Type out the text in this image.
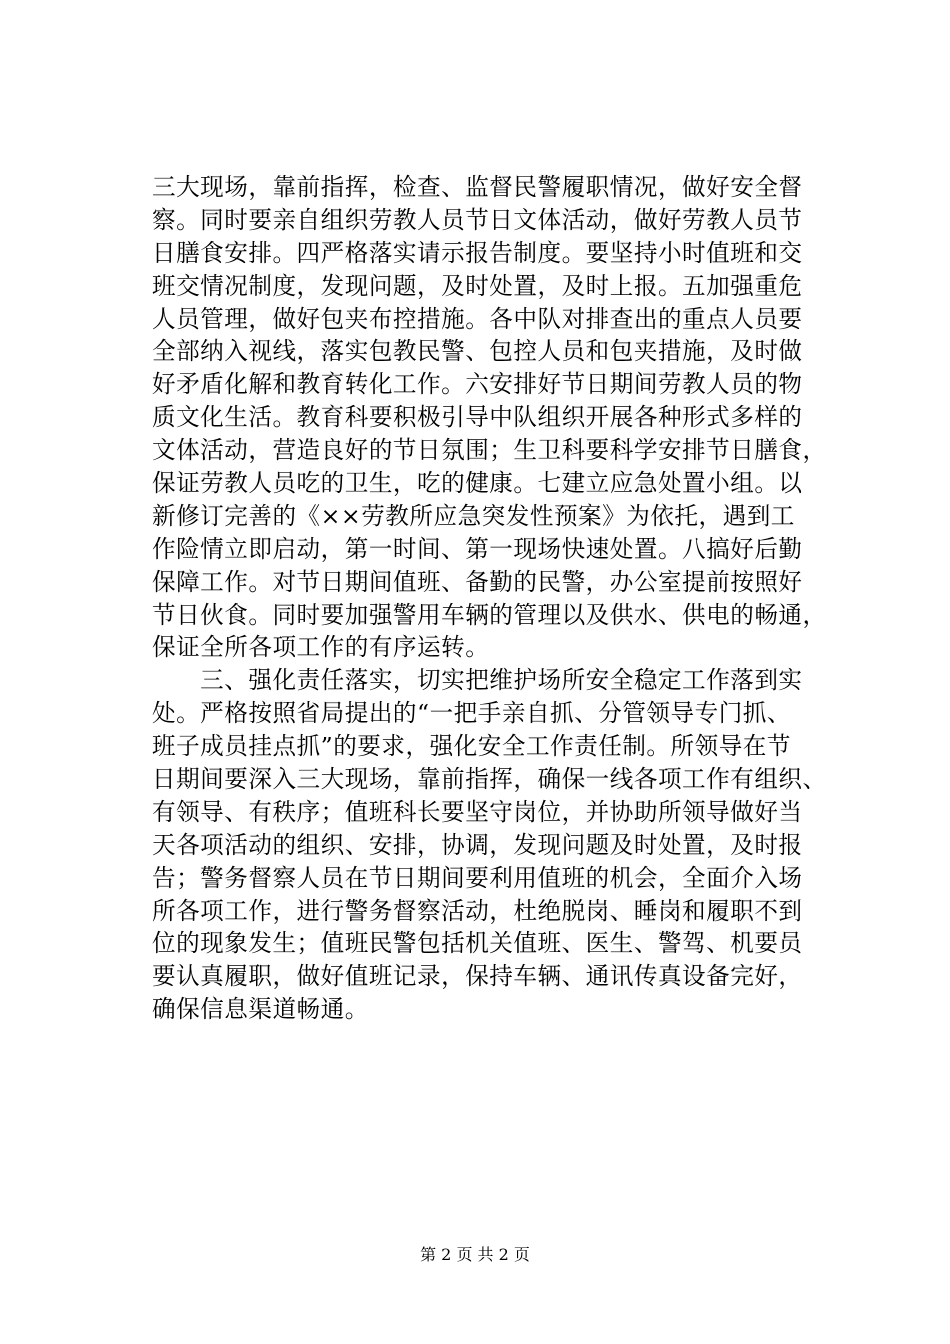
三大现场，靠前指挥，检查、监督民警履职情况，做好安全督
察。同时要亲自组织劳教人员节日文体活动，做好劳教人员节
日膳食安排。四严格落实请示报告制度。要坚持小时值班和交
班交情况制度，发现问题，及时处置，及时上报。五加强重危
人员管理，做好包夹布控措施。各中队对排查出的重点人员要
全部纳入视线，落实包教民警、包控人员和包夹措施，及时做
好矛盾化解和教育转化工作。六安排好节日期间劳教人员的物
质文化生活。教育科要积极引导中队组织开展各种形式多样的
文体活动，营造良好的节日氛围；生卫科要科学安排节日膳食，
保证劳教人员吃的卫生，吃的健康。七建立应急处置小组。以
新修订完善的《××劳教所应急突发性预案》为依托，遇到工
作险情立即启动，第一时间、第一现场快速处置。八搞好后勤
保障工作。对节日期间值班、备勤的民警，办公室提前按照好
节日伙食。同时要加强警用车辆的管理以及供水、供电的畅通，
保证全所各项工作的有序运转。
　　三、强化责任落实，切实把维护场所安全稳定工作落到实
处。严格按照省局提出的“一把手亲自抓、分管领导专门抓、
班子成员挂点抓”的要求，强化安全工作责任制。所领导在节
日期间要深入三大现场，靠前指挥，确保一线各项工作有组织、
有领导、有秩序；值班科长要坚守岗位，并协助所领导做好当
天各项活动的组织、安排，协调，发现问题及时处置，及时报
告；警务督察人员在节日期间要利用值班的机会，全面介入场
所各项工作，进行警务督察活动，杜绝脱岗、睡岗和履职不到
位的现象发生；值班民警包括机关值班、医生、警驾、机要员
要认真履职，做好值班记录，保持车辆、通讯传真设备完好，
确保信息渠道畅通。
第 2 页 共 2 页
